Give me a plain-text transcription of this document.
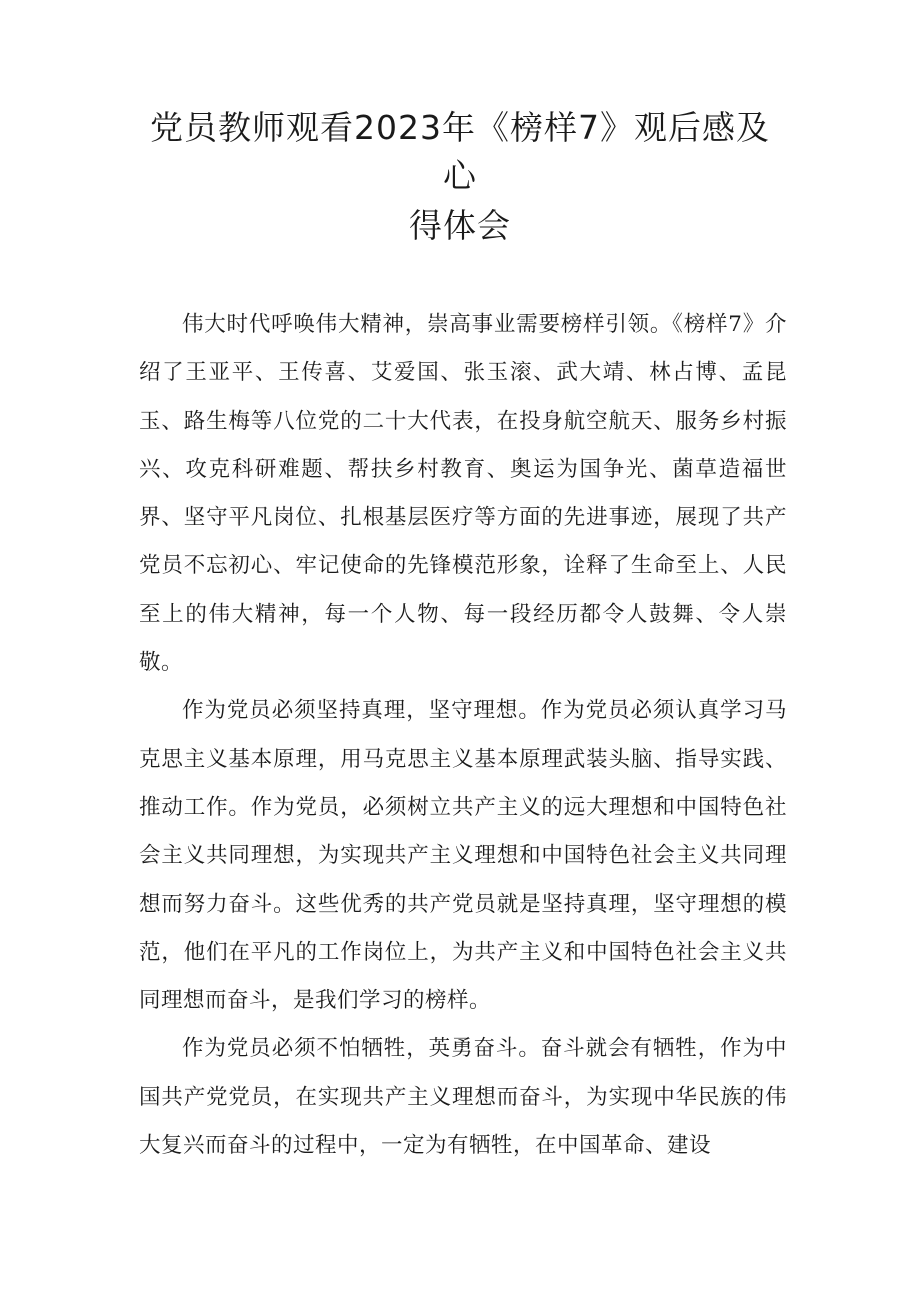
党员教师观看2023年《榜样7》观后感及
心
得体会

伟大时代呼唤伟大精神，崇高事业需要榜样引领。《榜样7》介绍了王亚平、王传喜、艾爱国、张玉滚、武大靖、林占博、孟昆玉、路生梅等八位党的二十大代表，在投身航空航天、服务乡村振兴、攻克科研难题、帮扶乡村教育、奥运为国争光、菌草造福世界、坚守平凡岗位、扎根基层医疗等方面的先进事迹，展现了共产党员不忘初心、牢记使命的先锋模范形象，诠释了生命至上、人民至上的伟大精神，每一个人物、每一段经历都令人鼓舞、令人崇敬。

作为党员必须坚持真理，坚守理想。作为党员必须认真学习马克思主义基本原理，用马克思主义基本原理武装头脑、指导实践、推动工作。作为党员，必须树立共产主义的远大理想和中国特色社会主义共同理想，为实现共产主义理想和中国特色社会主义共同理想而努力奋斗。这些优秀的共产党员就是坚持真理，坚守理想的模范，他们在平凡的工作岗位上，为共产主义和中国特色社会主义共同理想而奋斗，是我们学习的榜样。

作为党员必须不怕牺牲，英勇奋斗。奋斗就会有牺牲，作为中国共产党党员，在实现共产主义理想而奋斗，为实现中华民族的伟大复兴而奋斗的过程中，一定为有牺牲，在中国革命、建设
